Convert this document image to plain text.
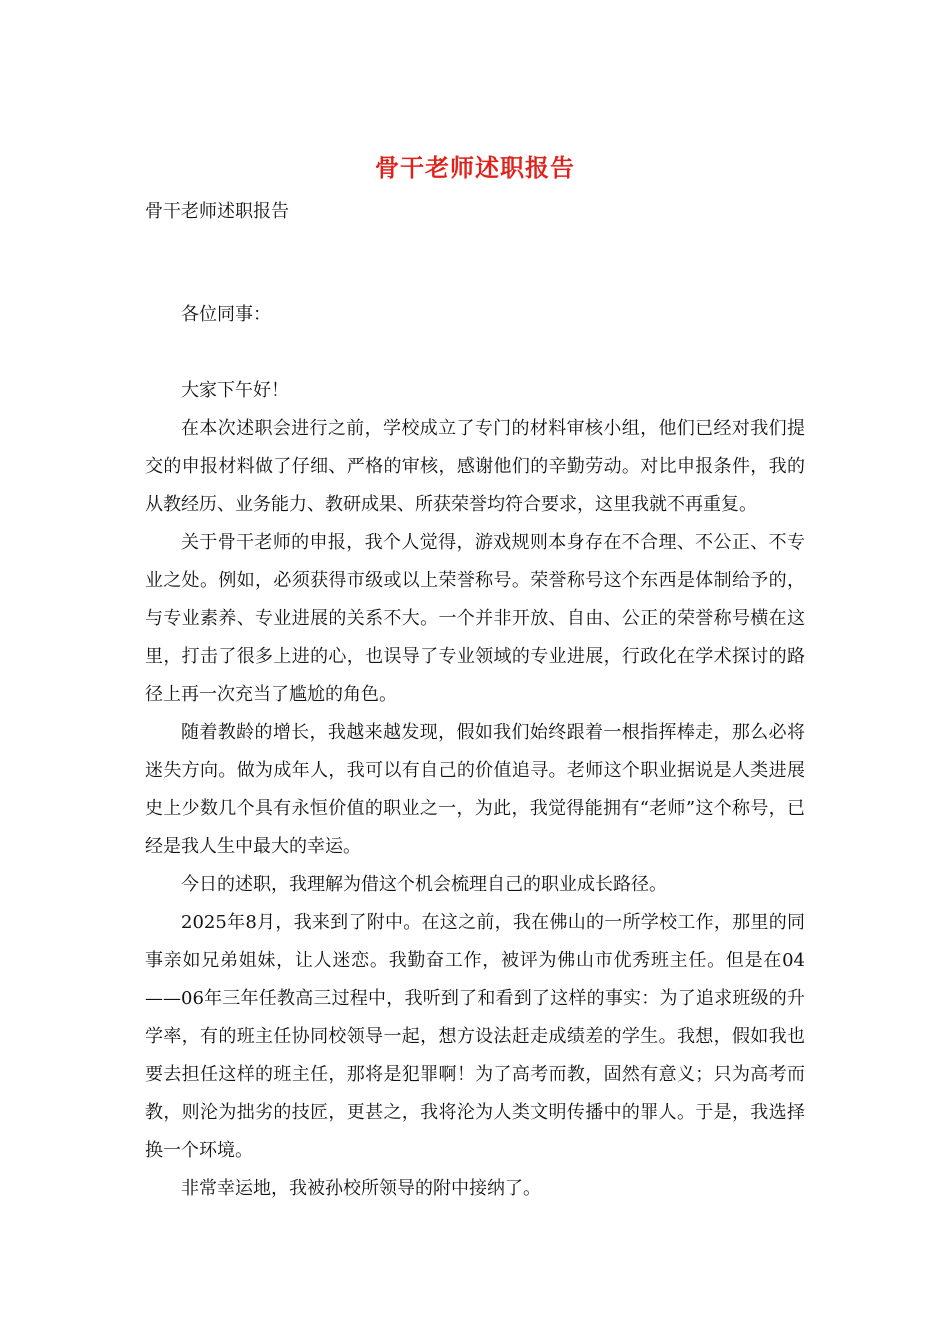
骨干老师述职报告
骨干老师述职报告

各位同事：

大家下午好！

在本次述职会进行之前，学校成立了专门的材料审核小组，他们已经对我们提交的申报材料做了仔细、严格的审核，感谢他们的辛勤劳动。对比申报条件，我的从教经历、业务能力、教研成果、所获荣誉均符合要求，这里我就不再重复。

关于骨干老师的申报，我个人觉得，游戏规则本身存在不合理、不公正、不专业之处。例如，必须获得市级或以上荣誉称号。荣誉称号这个东西是体制给予的，与专业素养、专业进展的关系不大。一个并非开放、自由、公正的荣誉称号横在这里，打击了很多上进的心，也误导了专业领域的专业进展，行政化在学术探讨的路径上再一次充当了尴尬的角色。

随着教龄的增长，我越来越发现，假如我们始终跟着一根指挥棒走，那么必将迷失方向。做为成年人，我可以有自己的价值追寻。老师这个职业据说是人类进展史上少数几个具有永恒价值的职业之一，为此，我觉得能拥有“老师”这个称号，已经是我人生中最大的幸运。

今日的述职，我理解为借这个机会梳理自己的职业成长路径。

2025年8月，我来到了附中。在这之前，我在佛山的一所学校工作，那里的同事亲如兄弟姐妹，让人迷恋。我勤奋工作，被评为佛山市优秀班主任。但是在04——06年三年任教高三过程中，我听到了和看到了这样的事实：为了追求班级的升学率，有的班主任协同校领导一起，想方设法赶走成绩差的学生。我想，假如我也要去担任这样的班主任，那将是犯罪啊！为了高考而教，固然有意义；只为高考而教，则沦为拙劣的技匠，更甚之，我将沦为人类文明传播中的罪人。于是，我选择换一个环境。

非常幸运地，我被孙校所领导的附中接纳了。
